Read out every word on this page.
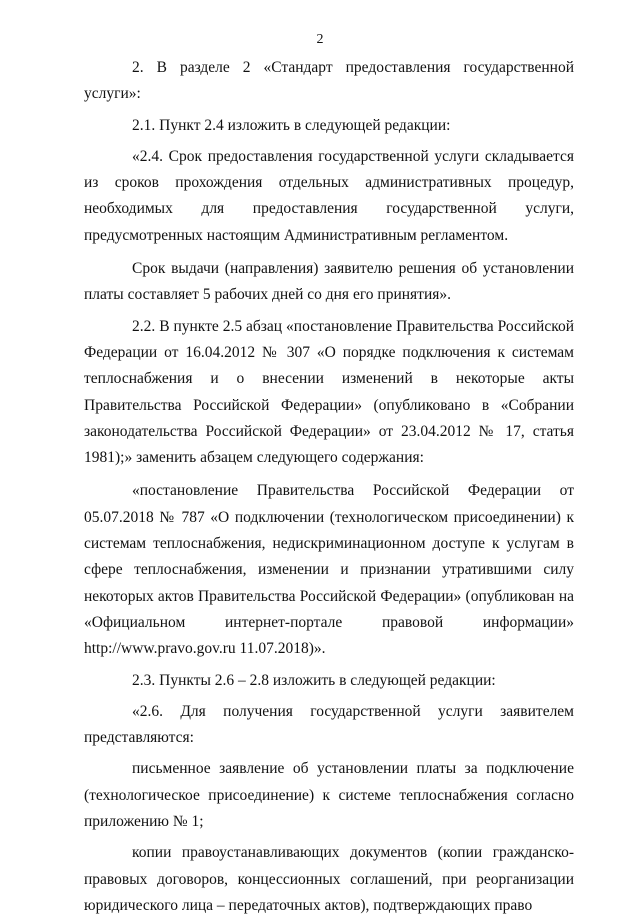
2

2. В разделе 2 «Стандарт предоставления государственной услуги»:

2.1. Пункт 2.4 изложить в следующей редакции:

«2.4. Срок предоставления государственной услуги складывается из сроков прохождения отдельных административных процедур, необходимых для предоставления государственной услуги, предусмотренных настоящим Административным регламентом.

Срок выдачи (направления) заявителю решения об установлении платы составляет 5 рабочих дней со дня его принятия».

2.2. В пункте 2.5 абзац «постановление Правительства Российской Федерации от 16.04.2012 № 307 «О порядке подключения к системам теплоснабжения и о внесении изменений в некоторые акты Правительства Российской Федерации» (опубликовано в «Собрании законодательства Российской Федерации» от 23.04.2012 № 17, статья 1981);» заменить абзацем следующего содержания:

«постановление Правительства Российской Федерации от 05.07.2018 № 787 «О подключении (технологическом присоединении) к системам теплоснабжения, недискриминационном доступе к услугам в сфере теплоснабжения, изменении и признании утратившими силу некоторых актов Правительства Российской Федерации» (опубликован на «Официальном интернет-портале правовой информации» http://www.pravo.gov.ru 11.07.2018)».

2.3. Пункты 2.6 – 2.8 изложить в следующей редакции:

«2.6. Для получения государственной услуги заявителем представляются:

письменное заявление об установлении платы за подключение (технологическое присоединение) к системе теплоснабжения согласно приложению № 1;

копии правоустанавливающих документов (копии гражданско-правовых договоров, концессионных соглашений, при реорганизации юридического лица – передаточных актов), подтверждающих право
